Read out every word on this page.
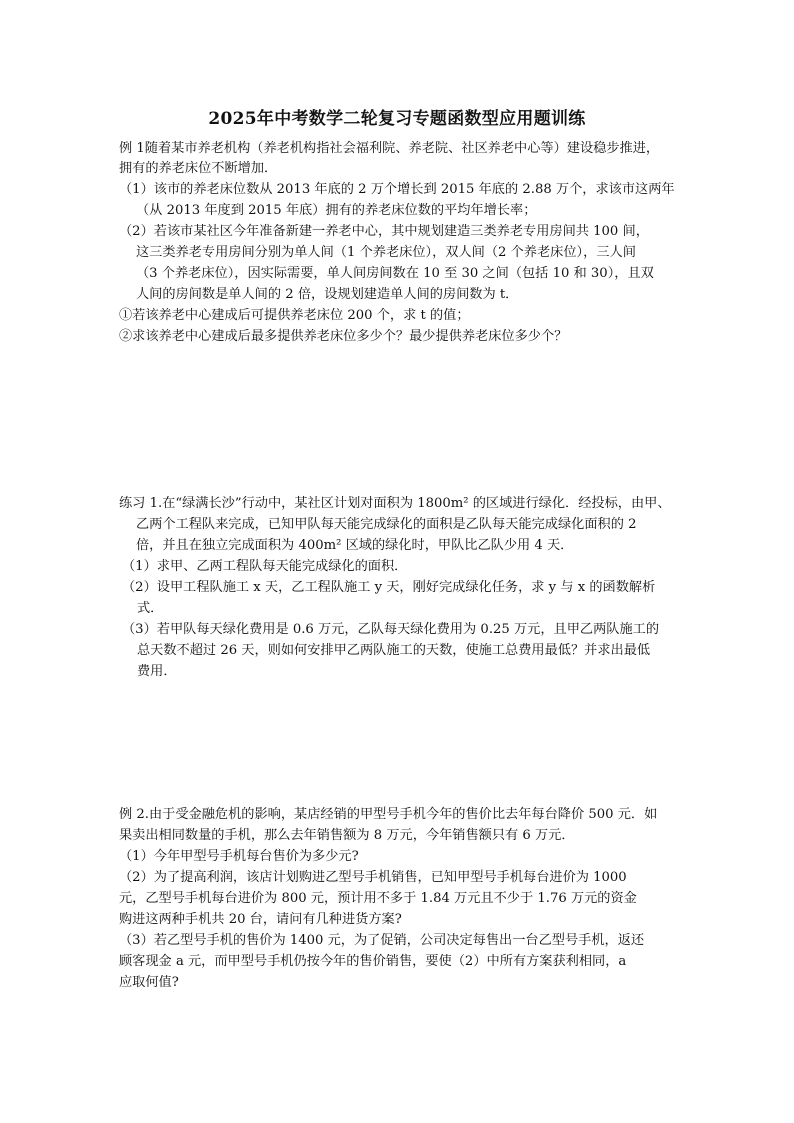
2025年中考数学二轮复习专题函数型应用题训练
例 1随着某市养老机构（养老机构指社会福利院、养老院、社区养老中心等）建设稳步推进，
拥有的养老床位不断增加．
（1）该市的养老床位数从 2013 年底的 2 万个增长到 2015 年底的 2.88 万个，求该市这两年
（从 2013 年度到 2015 年底）拥有的养老床位数的平均年增长率；
（2）若该市某社区今年准备新建一养老中心，其中规划建造三类养老专用房间共 100 间，
这三类养老专用房间分别为单人间（1 个养老床位），双人间（2 个养老床位），三人间
（3 个养老床位），因实际需要，单人间房间数在 10 至 30 之间（包括 10 和 30），且双
人间的房间数是单人间的 2 倍，设规划建造单人间的房间数为 t．
①若该养老中心建成后可提供养老床位 200 个，求 t 的值；
②求该养老中心建成后最多提供养老床位多少个？最少提供养老床位多少个？
练习 1.在“绿满长沙”行动中，某社区计划对面积为 1800m² 的区域进行绿化．经投标，由甲、
乙两个工程队来完成，已知甲队每天能完成绿化的面积是乙队每天能完成绿化面积的 2
倍，并且在独立完成面积为 400m² 区域的绿化时，甲队比乙队少用 4 天．
（1）求甲、乙两工程队每天能完成绿化的面积．
（2）设甲工程队施工 x 天，乙工程队施工 y 天，刚好完成绿化任务，求 y 与 x 的函数解析
式．
（3）若甲队每天绿化费用是 0.6 万元，乙队每天绿化费用为 0.25 万元，且甲乙两队施工的
总天数不超过 26 天，则如何安排甲乙两队施工的天数，使施工总费用最低？并求出最低
费用．
例 2.由于受金融危机的影响，某店经销的甲型号手机今年的售价比去年每台降价 500 元．如
果卖出相同数量的手机，那么去年销售额为 8 万元，今年销售额只有 6 万元．
（1）今年甲型号手机每台售价为多少元?
（2）为了提高利润，该店计划购进乙型号手机销售，已知甲型号手机每台进价为 1000
元，乙型号手机每台进价为 800 元，预计用不多于 1.84 万元且不少于 1.76 万元的资金
购进这两种手机共 20 台，请问有几种进货方案?
（3）若乙型号手机的售价为 1400 元，为了促销，公司决定每售出一台乙型号手机，返还
顾客现金 a 元，而甲型号手机仍按今年的售价销售，要使（2）中所有方案获利相同，a
应取何值?
